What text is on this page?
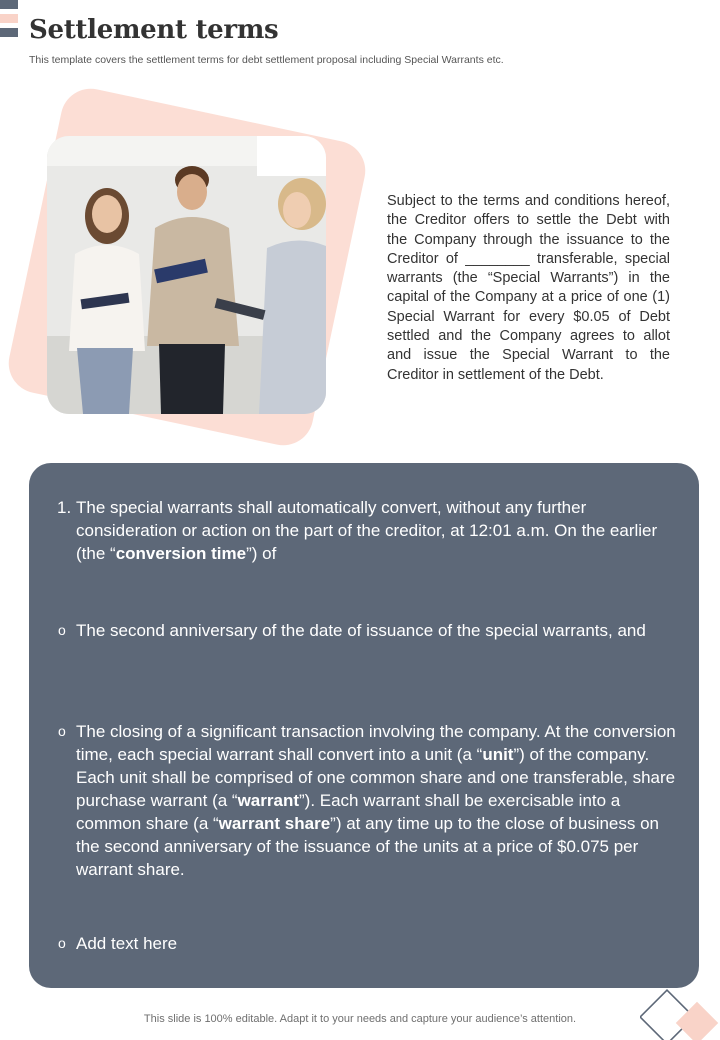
Settlement terms
This template covers the settlement terms for debt settlement proposal including Special Warrants etc.
Subject to the terms and conditions hereof, the Creditor offers to settle the Debt with the Company through the issuance to the Creditor of ________ transferable, special warrants (the “Special Warrants”) in the capital of the Company at a price of one (1) Special Warrant for every $0.05 of Debt settled and the Company agrees to allot and issue the Special Warrant to the Creditor in settlement of the Debt.
1. The special warrants shall automatically convert, without any further consideration or action on the part of the creditor, at 12:01 a.m. On the earlier (the “conversion time”) of
o The second anniversary of the date of issuance of the special warrants, and
o The closing of a significant transaction involving the company. At the conversion time, each special warrant shall convert into a unit (a “unit”) of the company. Each unit shall be comprised of one common share and one transferable, share purchase warrant (a “warrant”). Each warrant shall be exercisable into a common share (a “warrant share”) at any time up to the close of business on the second anniversary of the issuance of the units at a price of $0.075 per warrant share.
o Add text here
This slide is 100% editable. Adapt it to your needs and capture your audience’s attention.
